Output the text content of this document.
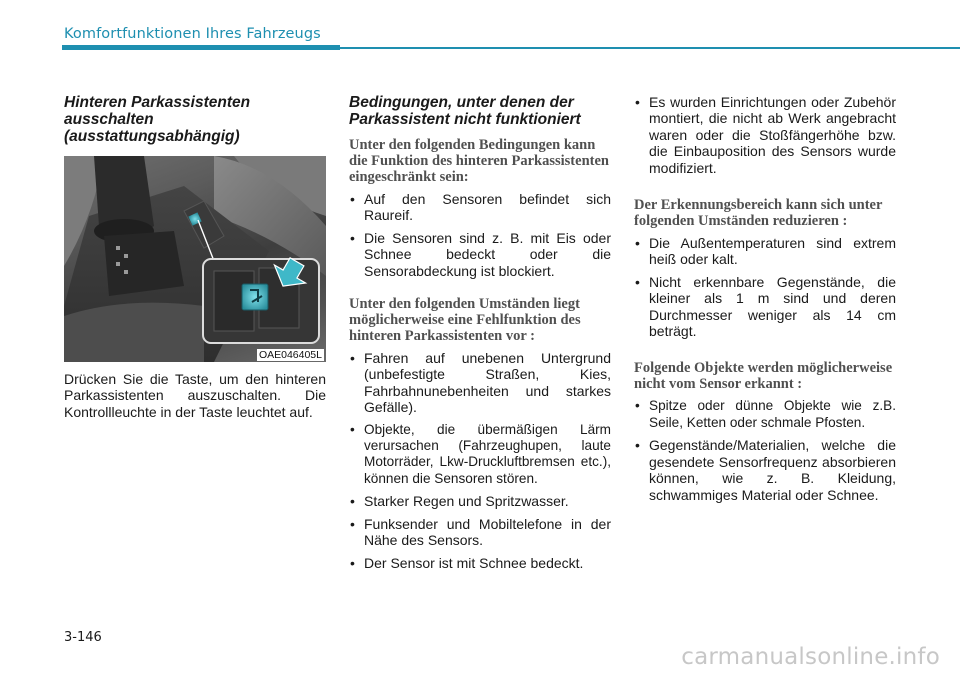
Komfortfunktionen Ihres Fahrzeugs
Hinteren Parkassistenten ausschalten (ausstattungsabhängig)
OAE046405L

Drücken Sie die Taste, um den hinteren Parkassistenten auszuschalten. Die Kontrollleuchte in der Taste leuchtet auf.

Bedingungen, unter denen der Parkassistent nicht funktioniert
Unter den folgenden Bedingungen kann die Funktion des hinteren Parkassistenten eingeschränkt sein:
• Auf den Sensoren befindet sich Raureif.
• Die Sensoren sind z. B. mit Eis oder Schnee bedeckt oder die Sensorabdeckung ist blockiert.
Unter den folgenden Umständen liegt möglicherweise eine Fehlfunktion des hinteren Parkassistenten vor :
• Fahren auf unebenen Untergrund (unbefestigte Straßen, Kies, Fahrbahnunebenheiten und starkes Gefälle).
• Objekte, die übermäßigen Lärm verursachen (Fahrzeughupen, laute Motorräder, Lkw-Druckluftbremsen etc.), können die Sensoren stören.
• Starker Regen und Spritzwasser.
• Funksender und Mobiltelefone in der Nähe des Sensors.
• Der Sensor ist mit Schnee bedeckt.
• Es wurden Einrichtungen oder Zubehör montiert, die nicht ab Werk angebracht waren oder die Stoßfängerhöhe bzw. die Einbauposition des Sensors wurde modifiziert.
Der Erkennungsbereich kann sich unter folgenden Umständen reduzieren :
• Die Außentemperaturen sind extrem heiß oder kalt.
• Nicht erkennbare Gegenstände, die kleiner als 1 m sind und deren Durchmesser weniger als 14 cm beträgt.
Folgende Objekte werden möglicherweise nicht vom Sensor erkannt :
• Spitze oder dünne Objekte wie z.B. Seile, Ketten oder schmale Pfosten.
• Gegenstände/Materialien, welche die gesendete Sensorfrequenz absorbieren können, wie z. B. Kleidung, schwammiges Material oder Schnee.
3-146
carmanualsonline.info
